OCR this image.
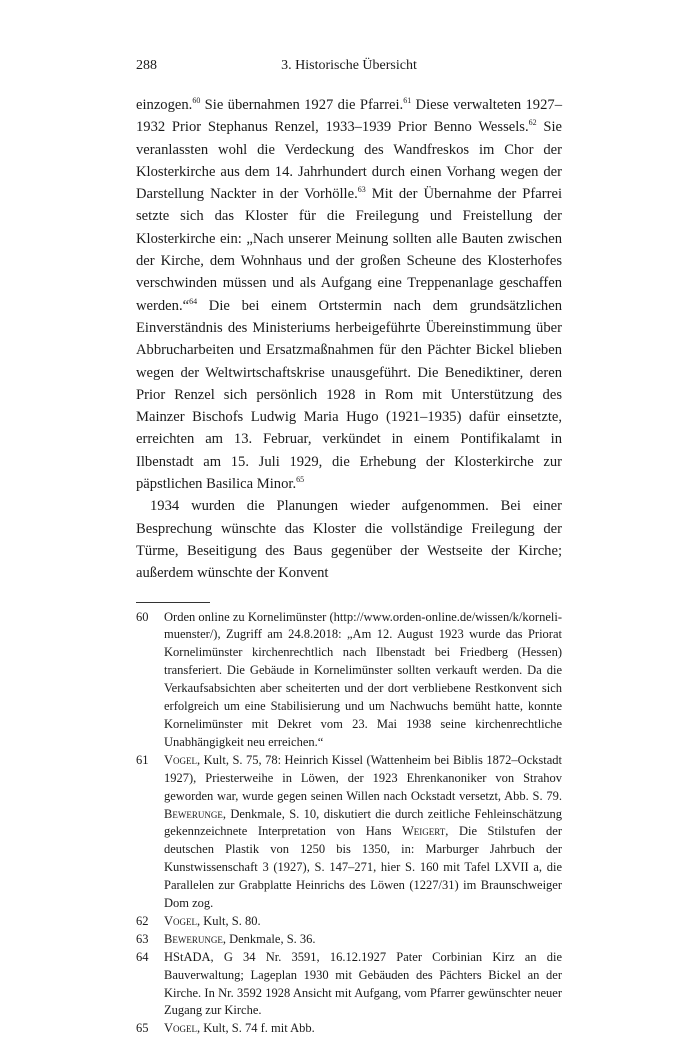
288	3. Historische Übersicht

einzogen.$^{60}$ Sie übernahmen 1927 die Pfarrei.$^{61}$ Diese verwalteten 1927–1932 Prior Stephanus Renzel, 1933–1939 Prior Benno Wessels.$^{62}$ Sie veranlassten wohl die Verdeckung des Wandfreskos im Chor der Klosterkirche aus dem 14. Jahrhundert durch einen Vorhang wegen der Darstellung Nackter in der Vorhölle.$^{63}$ Mit der Übernahme der Pfarrei setzte sich das Kloster für die Freilegung und Freistellung der Klosterkirche ein: „Nach unserer Meinung sollten alle Bauten zwischen der Kirche, dem Wohnhaus und der großen Scheune des Klosterhofes verschwinden müssen und als Aufgang eine Treppenanlage geschaffen werden.“$^{64}$ Die bei einem Ortstermin nach dem grundsätzlichen Einverständnis des Ministeriums herbeigeführte Übereinstimmung über Abbrucharbeiten und Ersatzmaßnahmen für den Pächter Bickel blieben wegen der Weltwirtschaftskrise unausgeführt. Die Benediktiner, deren Prior Renzel sich persönlich 1928 in Rom mit Unterstützung des Mainzer Bischofs Ludwig Maria Hugo (1921–1935) dafür einsetzte, erreichten am 13. Februar, verkündet in einem Pontifikalamt in Ilbenstadt am 15. Juli 1929, die Erhebung der Klosterkirche zur päpstlichen Basilica Minor.$^{65}$

1934 wurden die Planungen wieder aufgenommen. Bei einer Besprechung wünschte das Kloster die vollständige Freilegung der Türme, Beseitigung des Baus gegenüber der Westseite der Kirche; außerdem wünschte der Konvent

60	Orden online zu Kornelimünster (http://www.orden-online.de/wissen/k/kornelimuenster/), Zugriff am 24.8.2018: „Am 12. August 1923 wurde das Priorat Kornelimünster kirchenrechtlich nach Ilbenstadt bei Friedberg (Hessen) transferiert. Die Gebäude in Kornelimünster sollten verkauft werden. Da die Verkaufsabsichten aber scheiterten und der dort verbliebene Restkonvent sich erfolgreich um eine Stabilisierung und um Nachwuchs bemüht hatte, konnte Kornelimünster mit Dekret vom 23. Mai 1938 seine kirchenrechtliche Unabhängigkeit neu erreichen.“
61	Vogel, Kult, S. 75, 78: Heinrich Kissel (Wattenheim bei Biblis 1872–Ockstadt 1927), Priesterweihe in Löwen, der 1923 Ehrenkanoniker von Strahov geworden war, wurde gegen seinen Willen nach Ockstadt versetzt, Abb. S. 79. Bewerunge, Denkmale, S. 10, diskutiert die durch zeitliche Fehleinschätzung gekennzeichnete Interpretation von Hans Weigert, Die Stilstufen der deutschen Plastik von 1250 bis 1350, in: Marburger Jahrbuch der Kunstwissenschaft 3 (1927), S. 147–271, hier S. 160 mit Tafel LXVII a, die Parallelen zur Grabplatte Heinrichs des Löwen (1227/31) im Braunschweiger Dom zog.
62	Vogel, Kult, S. 80.
63	Bewerunge, Denkmale, S. 36.
64	HStADA, G 34 Nr. 3591, 16.12.1927 Pater Corbinian Kirz an die Bauverwaltung; Lageplan 1930 mit Gebäuden des Pächters Bickel an der Kirche. In Nr. 3592 1928 Ansicht mit Aufgang, vom Pfarrer gewünschter neuer Zugang zur Kirche.
65	Vogel, Kult, S. 74 f. mit Abb.
